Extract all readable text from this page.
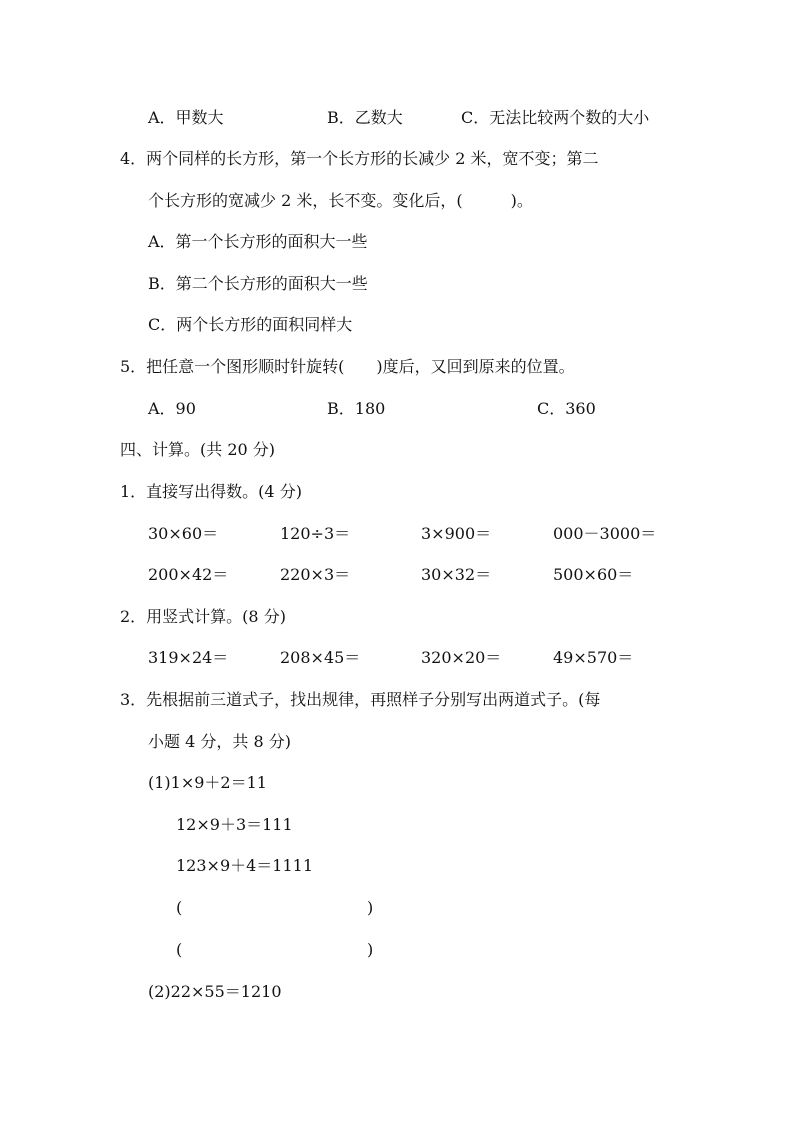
A．甲数大	B．乙数大	C．无法比较两个数的大小
4．两个同样的长方形，第一个长方形的长减少 2 米，宽不变；第二
个长方形的宽减少 2 米，长不变。变化后，(　　　)。
A．第一个长方形的面积大一些
B．第二个长方形的面积大一些
C．两个长方形的面积同样大
5．把任意一个图形顺时针旋转(　　)度后，又回到原来的位置。
A．90	B．180	C．360
四、计算。(共 20 分)
1．直接写出得数。(4 分)
30×60＝	120÷3＝	3×900＝	000－3000＝
200×42＝	220×3＝	30×32＝	500×60＝
2．用竖式计算。(8 分)
319×24＝	208×45＝	320×20＝	49×570＝
3．先根据前三道式子，找出规律，再照样子分别写出两道式子。(每
小题 4 分，共 8 分)
(1)1×9＋2＝11
12×9＋3＝111
123×9＋4＝1111
(	)
(	)
(2)22×55＝1210
